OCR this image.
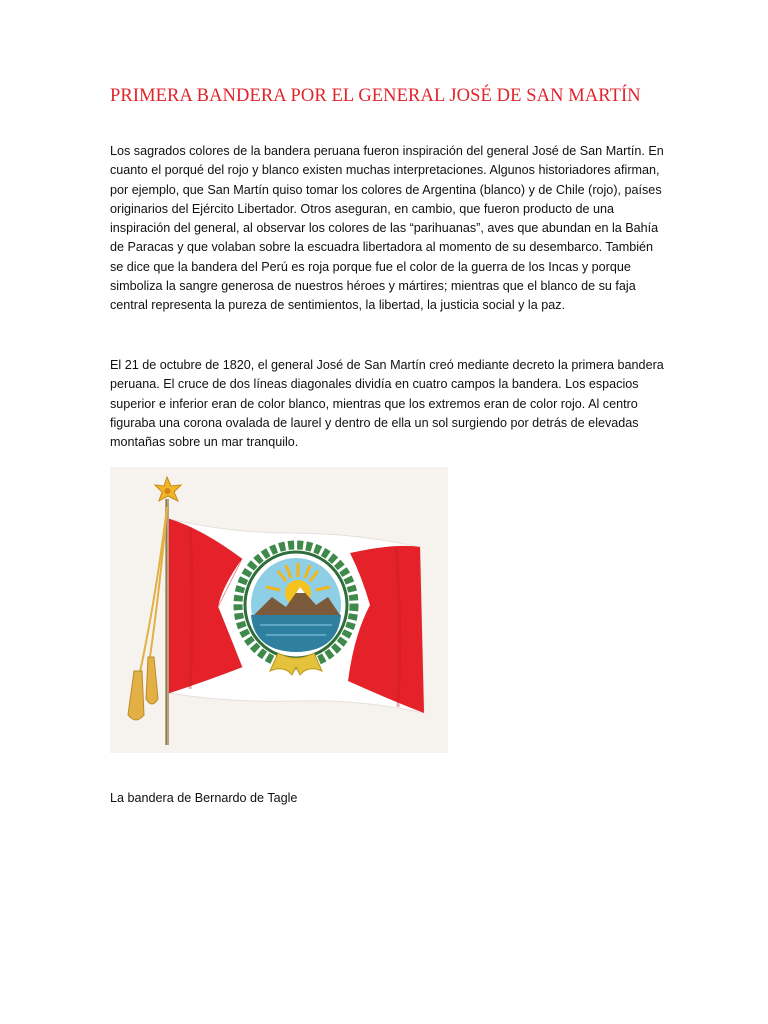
PRIMERA BANDERA POR EL GENERAL JOSÉ DE SAN MARTÍN

Los sagrados colores de la bandera peruana fueron inspiración del general José de San Martín. En cuanto el porqué del rojo y blanco existen muchas interpretaciones. Algunos historiadores afirman, por ejemplo, que San Martín quiso tomar los colores de Argentina (blanco) y de Chile (rojo), países originarios del Ejército Libertador. Otros aseguran, en cambio, que fueron producto de una inspiración del general, al observar los colores de las “parihuanas”, aves que abundan en la Bahía de Paracas y que volaban sobre la escuadra libertadora al momento de su desembarco. También se dice que la bandera del Perú es roja porque fue el color de la guerra de los Incas y porque simboliza la sangre generosa de nuestros héroes y mártires; mientras que el blanco de su faja central representa la pureza de sentimientos, la libertad, la justicia social y la paz.

El 21 de octubre de 1820, el general José de San Martín creó mediante decreto la primera bandera peruana. El cruce de dos líneas diagonales dividía en cuatro campos la bandera. Los espacios superior e inferior eran de color blanco, mientras que los extremos eran de color rojo. Al centro figuraba una corona ovalada de laurel y dentro de ella un sol surgiendo por detrás de elevadas montañas sobre un mar tranquilo.

La bandera de Bernardo de Tagle
